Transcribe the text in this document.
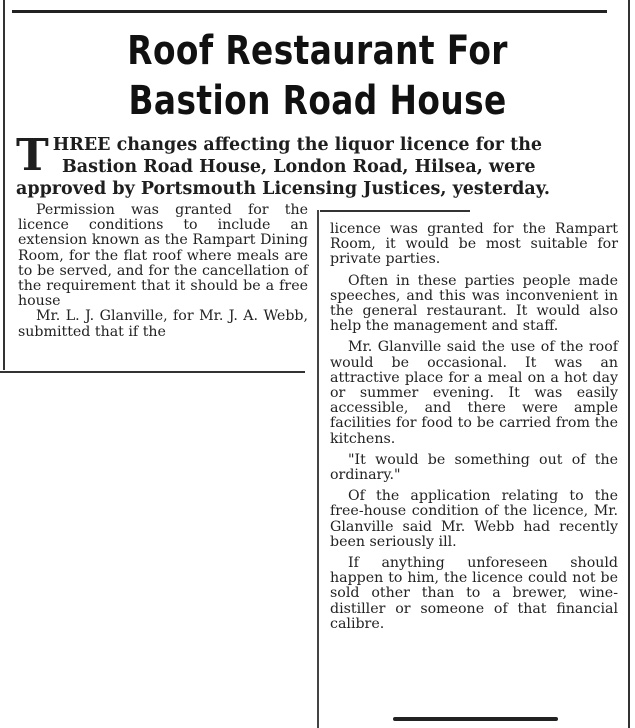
Roof Restaurant For
Bastion Road House
T HREE changes affecting the liquor licence for the
Bastion Road House, London Road, Hilsea, were
approved by Portsmouth Licensing Justices, yesterday.

Permission was granted for the licence conditions to include an extension known as the Rampart Dining Room, for the flat roof where meals are to be served, and for the cancellation of the requirement that it should be a free house

Mr. L. J. Glanville, for Mr. J. A. Webb, submitted that if the

licence was granted for the Rampart Room, it would be most suitable for private parties.

Often in these parties people made speeches, and this was inconvenient in the general restaurant. It would also help the management and staff.

Mr. Glanville said the use of the roof would be occasional. It was an attractive place for a meal on a hot day or summer evening. It was easily accessible, and there were ample facilities for food to be carried from the kitchens.

"It would be something out of the ordinary."

Of the application relating to the free-house condition of the licence, Mr. Glanville said Mr. Webb had recently been seriously ill.

If anything unforeseen should happen to him, the licence could not be sold other than to a brewer, wine-distiller or someone of that financial calibre.
